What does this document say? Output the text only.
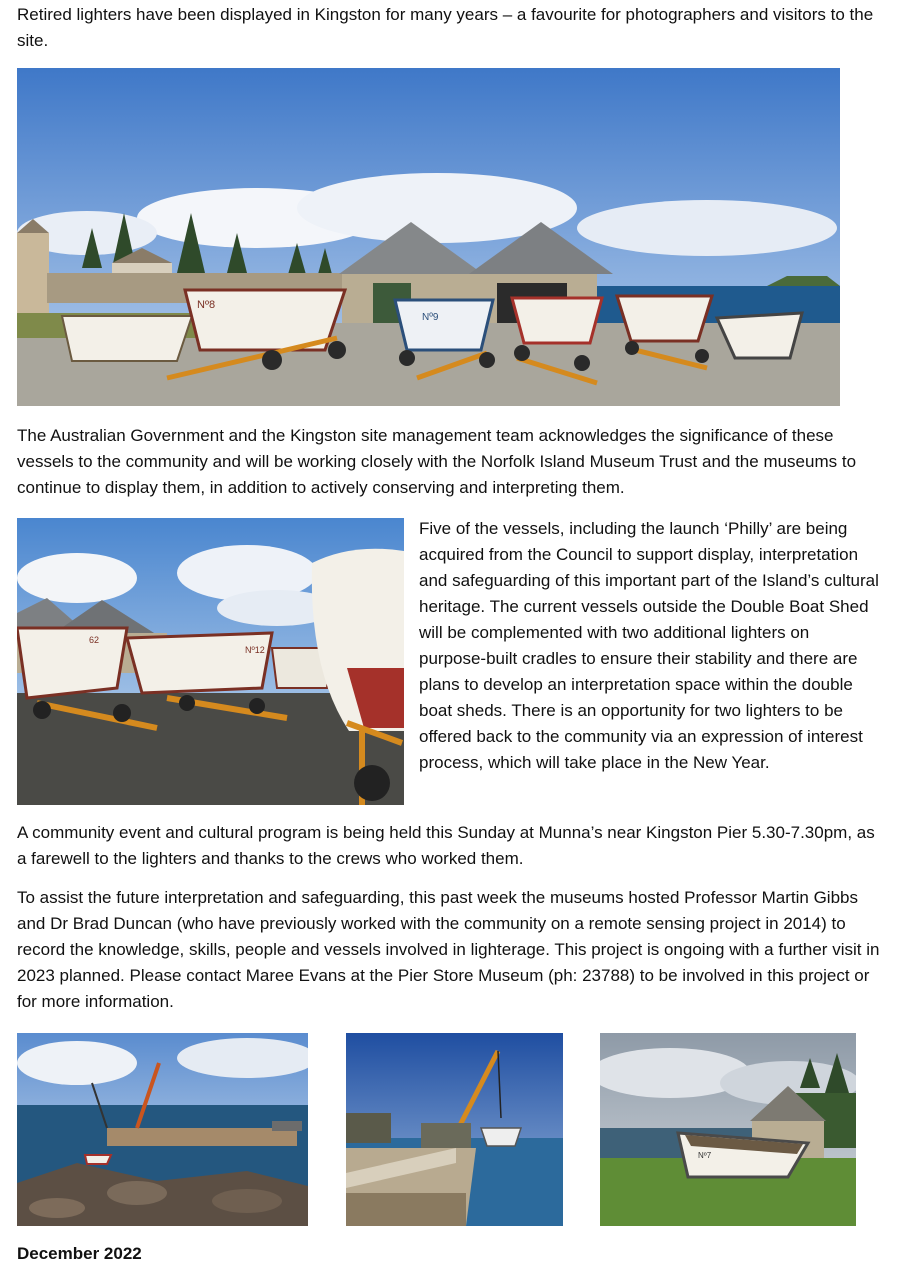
Retired lighters have been displayed in Kingston for many years – a favourite for photographers and visitors to the site.

Nº8
Nº9

The Australian Government and the Kingston site management team acknowledges the significance of these vessels to the community and will be working closely with the Norfolk Island Museum Trust and the museums to continue to display them, in addition to actively conserving and interpreting them.

62
Nº12

Five of the vessels, including the launch ‘Philly’ are being acquired from the Council to support display, interpretation and safeguarding of this important part of the Island’s cultural heritage. The current vessels outside the Double Boat Shed will be complemented with two additional lighters on purpose-built cradles to ensure their stability and there are plans to develop an interpretation space within the double boat sheds. There is an opportunity for two lighters to be offered back to the community via an expression of interest process, which will take place in the New Year.

A community event and cultural program is being held this Sunday at Munna’s near Kingston Pier 5.30-7.30pm, as a farewell to the lighters and thanks to the crews who worked them.

To assist the future interpretation and safeguarding, this past week the museums hosted Professor Martin Gibbs and Dr Brad Duncan (who have previously worked with the community on a remote sensing project in 2014) to record the knowledge, skills, people and vessels involved in lighterage. This project is ongoing with a further visit in 2023 planned. Please contact Maree Evans at the Pier Store Museum (ph: 23788) to be involved in this project or for more information.

Nº7

December 2022
